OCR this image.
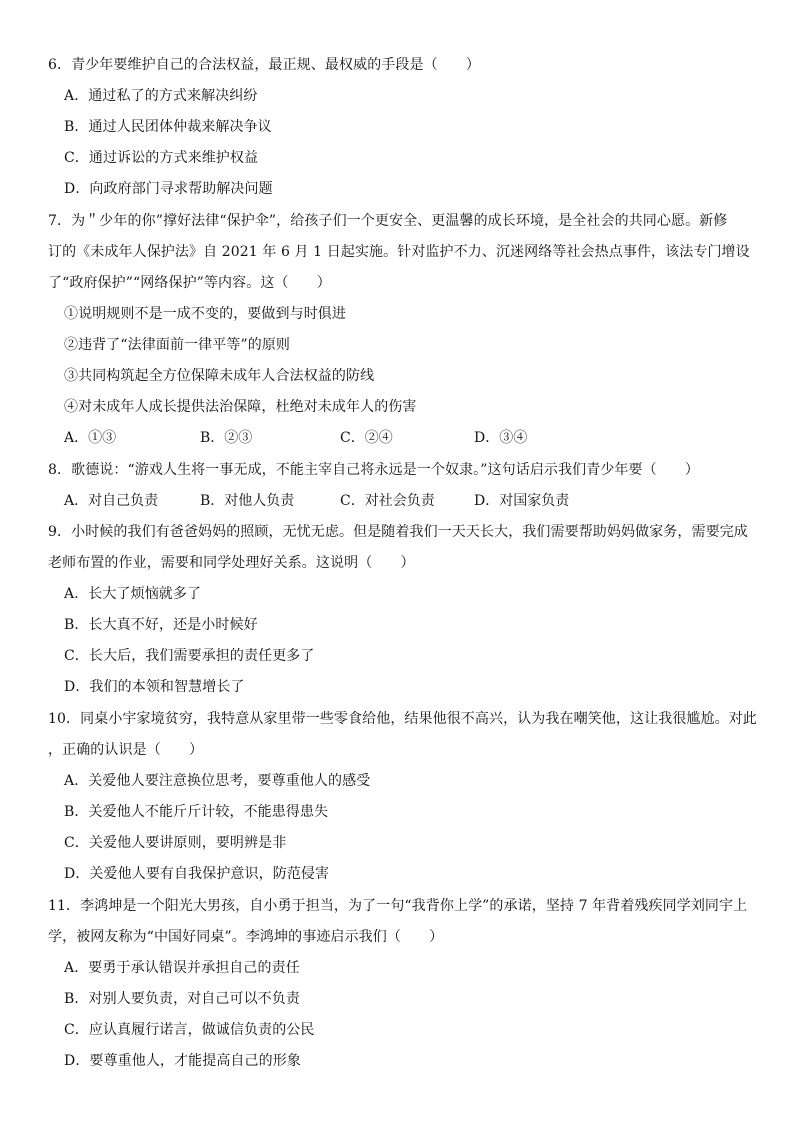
6．青少年要维护自己的合法权益，最正规、最权威的手段是（　　）
A．通过私了的方式来解决纠纷
B．通过人民团体仲裁来解决争议
C．通过诉讼的方式来维护权益
D．向政府部门寻求帮助解决问题
7．为＂少年的你”撑好法律“保护伞”，给孩子们一个更安全、更温馨的成长环境，是全社会的共同心愿。新修
订的《未成年人保护法》自 2021 年 6 月 1 日起实施。针对监护不力、沉迷网络等社会热点事件，该法专门增设
了“政府保护”“网络保护”等内容。这（　　）
①说明规则不是一成不变的，要做到与时俱进
②违背了“法律面前一律平等”的原则
③共同构筑起全方位保障未成年人合法权益的防线
④对未成年人成长提供法治保障，杜绝对未成年人的伤害
A．①③	B．②③	C．②④	D．③④
8．歌德说：“游戏人生将一事无成，不能主宰自己将永远是一个奴隶。”这句话启示我们青少年要（　　）
A．对自己负责	B．对他人负责	C．对社会负责	D．对国家负责
9．小时候的我们有爸爸妈妈的照顾，无忧无虑。但是随着我们一天天长大，我们需要帮助妈妈做家务，需要完成
老师布置的作业，需要和同学处理好关系。这说明（　　）
A．长大了烦恼就多了
B．长大真不好，还是小时候好
C．长大后，我们需要承担的责任更多了
D．我们的本领和智慧增长了
10．同桌小宇家境贫穷，我特意从家里带一些零食给他，结果他很不高兴，认为我在嘲笑他，这让我很尴尬。对此
，正确的认识是（　　）
A．关爱他人要注意换位思考，要尊重他人的感受
B．关爱他人不能斤斤计较，不能患得患失
C．关爱他人要讲原则，要明辨是非
D．关爱他人要有自我保护意识，防范侵害
11．李鸿坤是一个阳光大男孩，自小勇于担当，为了一句“我背你上学”的承诺，坚持 7 年背着残疾同学刘同宇上
学，被网友称为“中国好同桌”。李鸿坤的事迹启示我们（　　）
A．要勇于承认错误并承担自己的责任
B．对别人要负责，对自己可以不负责
C．应认真履行诺言，做诚信负责的公民
D．要尊重他人，才能提高自己的形象
